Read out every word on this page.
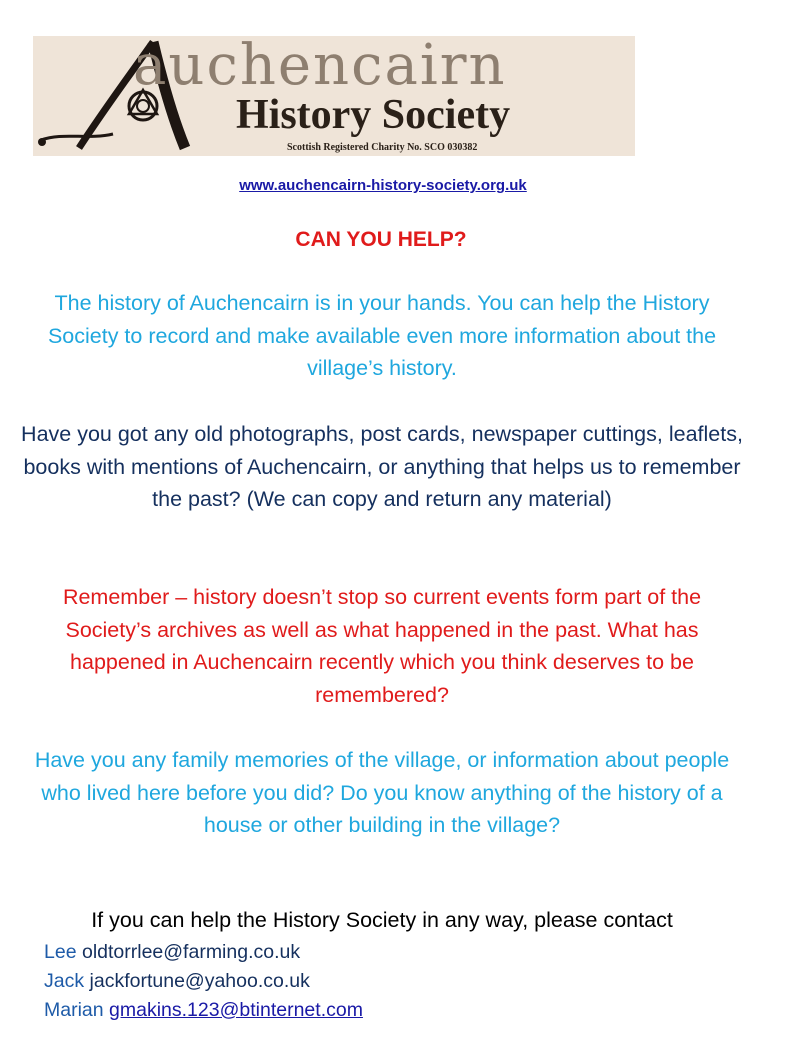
auchencairn
History Society
Scottish Registered Charity No. SCO 030382
www.auchencairn-history-society.org.uk
CAN YOU HELP?
The history of Auchencairn is in your hands. You can help the History Society to record and make available even more information about the village’s history.
Have you got any old photographs, post cards, newspaper cuttings, leaflets, books with mentions of Auchencairn, or anything that helps us to remember the past? (We can copy and return any material)
Remember – history doesn’t stop so current events form part of the Society’s archives as well as what happened in the past. What has happened in Auchencairn recently which you think deserves to be remembered?
Have you any family memories of the village, or information about people who lived here before you did? Do you know anything of the history of a house or other building in the village?
If you can help the History Society in any way, please contact
Lee oldtorrlee@farming.co.uk
Jack jackfortune@yahoo.co.uk
Marian gmakins.123@btinternet.com
